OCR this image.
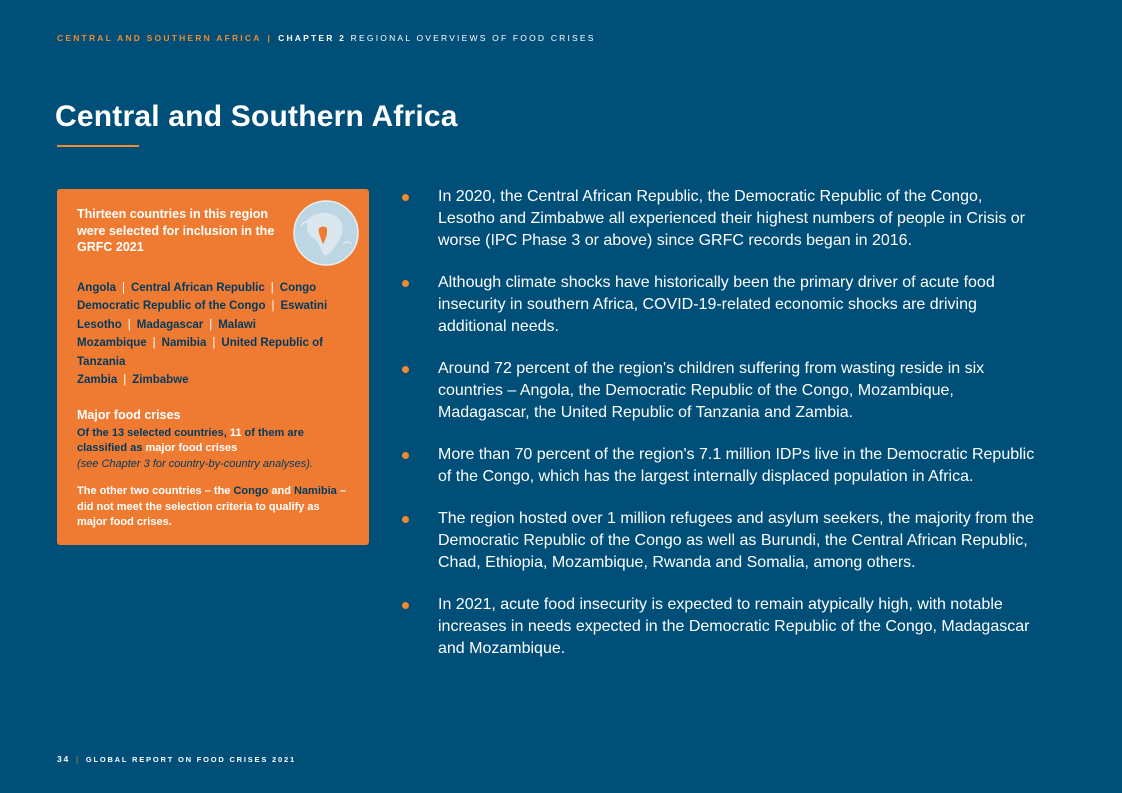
CENTRAL AND SOUTHERN AFRICA | CHAPTER 2 REGIONAL OVERVIEWS OF FOOD CRISES
Central and Southern Africa

Thirteen countries in this region were selected for inclusion in the GRFC 2021

Angola | Central African Republic | Congo
Democratic Republic of the Congo | Eswatini
Lesotho | Madagascar | Malawi
Mozambique | Namibia | United Republic of Tanzania

Zambia | Zimbabwe
Major food crises

Of the 13 selected countries, 11 of them are classified as major food crises
(see Chapter 3 for country-by-country analyses).

The other two countries – the Congo and Namibia – did not meet the selection criteria to qualify as major food crises.

In 2020, the Central African Republic, the Democratic Republic of the Congo, Lesotho and Zimbabwe all experienced their highest numbers of people in Crisis or worse (IPC Phase 3 or above) since GRFC records began in 2016.
Although climate shocks have historically been the primary driver of acute food insecurity in southern Africa, COVID-19-related economic shocks are driving additional needs.
Around 72 percent of the region's children suffering from wasting reside in six countries – Angola, the Democratic Republic of the Congo, Mozambique, Madagascar, the United Republic of Tanzania and Zambia.
More than 70 percent of the region's 7.1 million IDPs live in the Democratic Republic of the Congo, which has the largest internally displaced population in Africa.
The region hosted over 1 million refugees and asylum seekers, the majority from the Democratic Republic of the Congo as well as Burundi, the Central African Republic, Chad, Ethiopia, Mozambique, Rwanda and Somalia, among others.
In 2021, acute food insecurity is expected to remain atypically high, with notable increases in needs expected in the Democratic Republic of the Congo, Madagascar and Mozambique.
34 | GLOBAL REPORT ON FOOD CRISES 2021
